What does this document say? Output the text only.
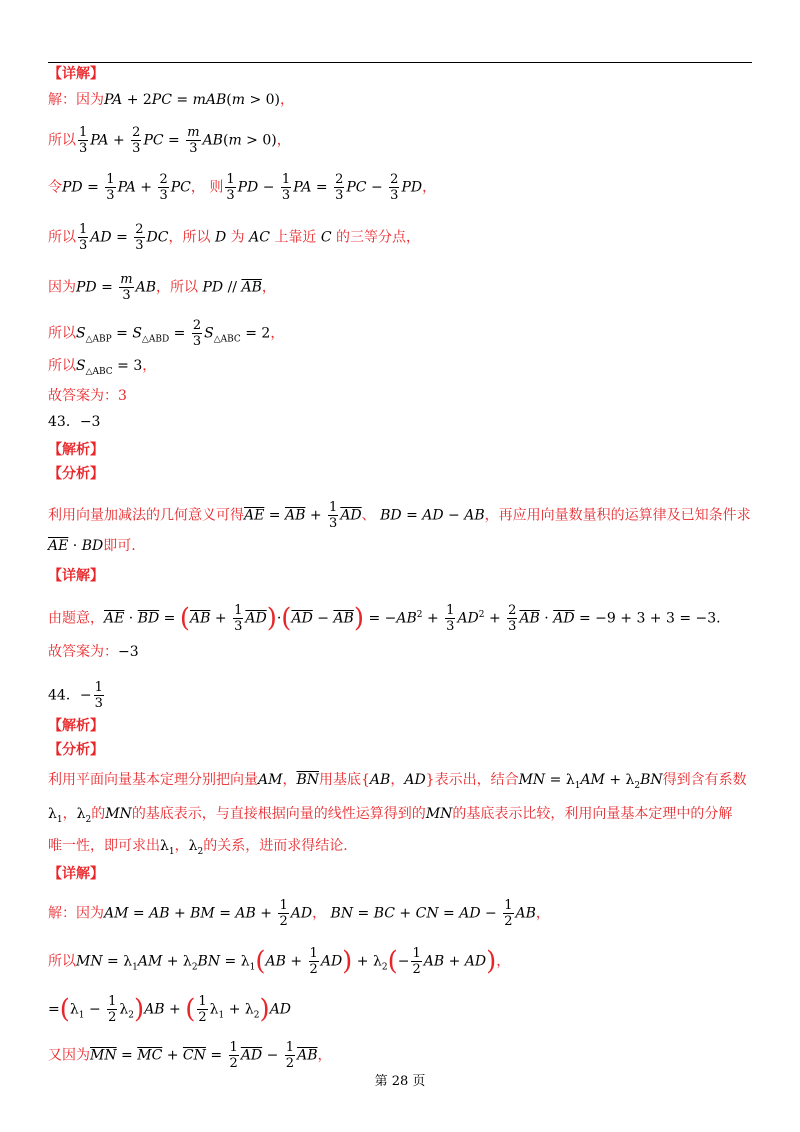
【详解】
解：因为PA + 2PC = mAB(m > 0)，
所以 $\frac{1}{3}$ PA + $\frac{2}{3}$ PC = $\frac{m}{3} AB(m > 0)$，
令PD = $\frac{1}{3}$ PA + $\frac{2}{3}$ PC， 则 $\frac{1}{3}$ PD − $\frac{1}{3}$ PA = $\frac{2}{3}$ PC − $\frac{2}{3}$ PD，
所以 $\frac{1}{3}$ AD = $\frac{2}{3}$ DC，所以 D 为 AC 上靠近 C 的三等分点，
因为PD = $\frac{m}{3}$ AB，所以 PD // $\overline{AB}$，
所以$S_{\triangle ABP} = S_{\triangle ABD} = \frac{2}{3} S_{\triangle ABC} = 2$，
所以$S_{\triangle ABC} = 3$，
故答案为：3
43．−3
【解析】
【分析】
利用向量加减法的几何意义可得$\overline{AE} = \overline{AB} + \frac{1}{3} \overline{AD}$、 BD = AD − AB，再应用向量数量积的运算律及已知条件求
$\overline{AE}$ · BD即可.
【详解】
由题意，$\overline{AE} \cdot \overline{BD} = (\overline{AB} + \frac{1}{3} \overline{AD})\cdot(\overline{AD} - \overline{AB}) = -AB^2 + \frac{1}{3} AD^2 + \frac{2}{3} \overline{AB} \cdot \overline{AD} = -9 + 3 + 3 = -3$.
故答案为：−3
44．− $\frac{1}{3}$
【解析】
【分析】
利用平面向量基本定理分别把向量AM，$\overline{BN}$用基底{AB，AD}表示出，结合MN = $\lambda_1AM + \lambda_2BN$得到含有系数
$\lambda_1$，$\lambda_2$的MN的基底表示，与直接根据向量的线性运算得到的MN的基底表示比较，利用向量基本定理中的分解
唯一性，即可求出$\lambda_1$，$\lambda_2$的关系，进而求得结论.
【详解】
解：因为AM = AB + BM = AB + $\frac{1}{2}$ AD， BN = BC + CN = AD − $\frac{1}{2}$ AB，
所以MN = $\lambda_1AM + \lambda_2BN = \lambda_1(AB + \frac{1}{2} AD) + \lambda_2(- \frac{1}{2}$ AB + AD)，
$=(\lambda_1 - \frac{1}{2} \lambda_2)AB$ + ( $\frac{1}{2} \lambda_1 + \lambda_2)AD$
又因为$\overline{MN} = \overline{MC} + \overline{CN} = \frac{1}{2} \overline{AD} - \frac{1}{2} \overline{AB}$，
第 28 页
